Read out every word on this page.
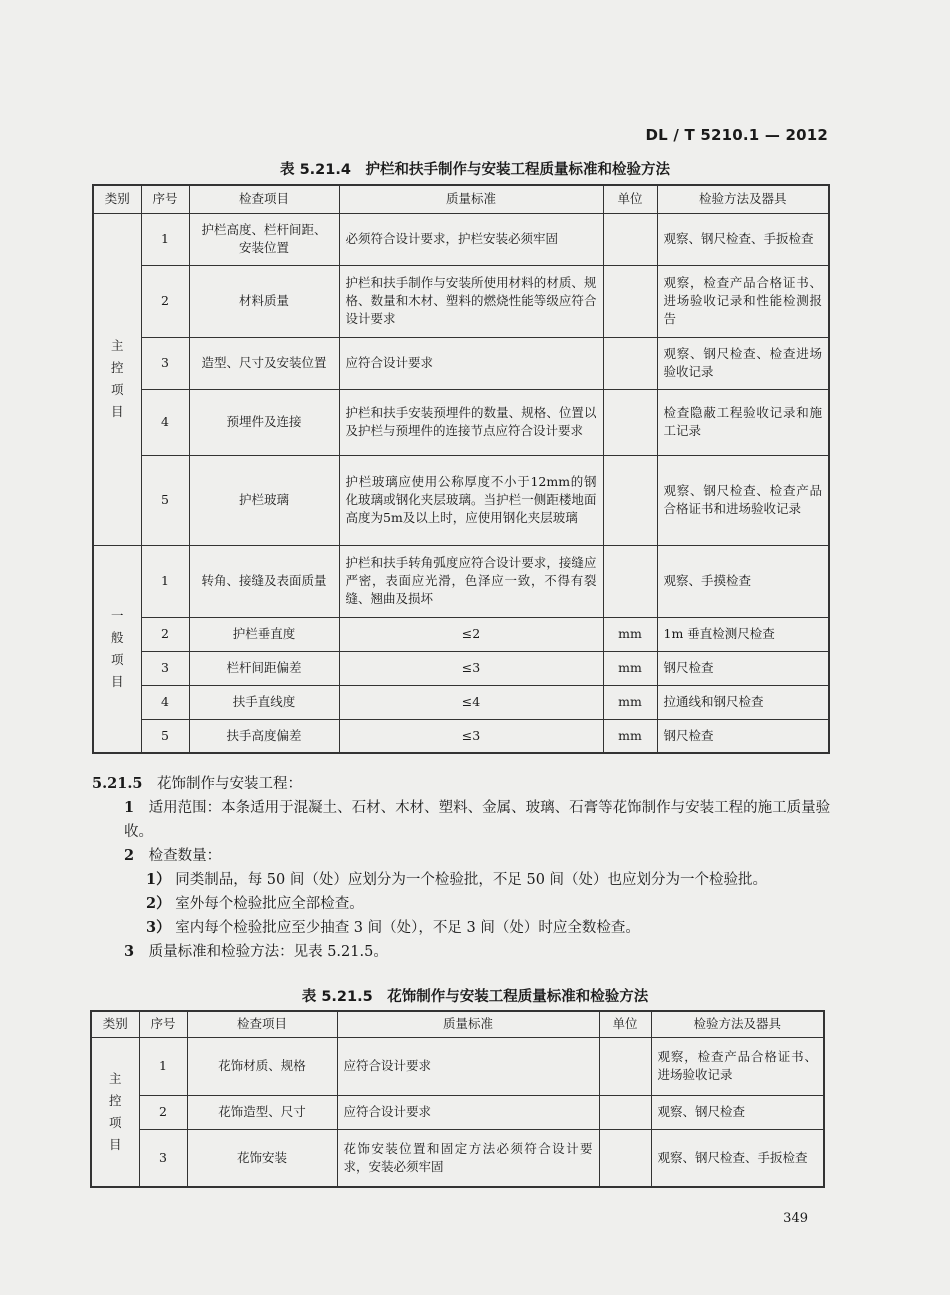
DL / T 5210.1 — 2012
表 5.21.4　护栏和扶手制作与安装工程质量标准和检验方法
类别	序号	检查项目	质量标准	单位	检验方法及器具
主控项目	1	护栏高度、栏杆间距、安装位置	必须符合设计要求，护栏安装必须牢固		观察、钢尺检查、手扳检查
	2	材料质量	护栏和扶手制作与安装所使用材料的材质、规格、数量和木材、塑料的燃烧性能等级应符合设计要求		观察，检查产品合格证书、进场验收记录和性能检测报告
	3	造型、尺寸及安装位置	应符合设计要求		观察、钢尺检查、检查进场验收记录
	4	预埋件及连接	护栏和扶手安装预埋件的数量、规格、位置以及护栏与预埋件的连接节点应符合设计要求		检查隐蔽工程验收记录和施工记录
	5	护栏玻璃	护栏玻璃应使用公称厚度不小于12mm的钢化玻璃或钢化夹层玻璃。当护栏一侧距楼地面高度为5m及以上时，应使用钢化夹层玻璃		观察、钢尺检查、检查产品合格证书和进场验收记录
一般项目	1	转角、接缝及表面质量	护栏和扶手转角弧度应符合设计要求，接缝应严密，表面应光滑，色泽应一致，不得有裂缝、翘曲及损坏		观察、手摸检查
	2	护栏垂直度	≤2	mm	1m 垂直检测尺检查
	3	栏杆间距偏差	≤3	mm	钢尺检查
	4	扶手直线度	≤4	mm	拉通线和钢尺检查
	5	扶手高度偏差	≤3	mm	钢尺检查

5.21.5　 花饰制作与安装工程：

1　 适用范围：本条适用于混凝土、石材、木材、塑料、金属、玻璃、石膏等花饰制作与安装工程的施工质量验收。

2　 检查数量：

1） 同类制品，每 50 间（处）应划分为一个检验批，不足 50 间（处）也应划分为一个检验批。

2） 室外每个检验批应全部检查。

3） 室内每个检验批应至少抽查 3 间（处），不足 3 间（处）时应全数检查。

3　 质量标准和检验方法：见表 5.21.5。

表 5.21.5　花饰制作与安装工程质量标准和检验方法
类别	序号	检查项目	质量标准	单位	检验方法及器具
主控项目	1	花饰材质、规格	应符合设计要求		观察，检查产品合格证书、进场验收记录
	2	花饰造型、尺寸	应符合设计要求		观察、钢尺检查
	3	花饰安装	花饰安装位置和固定方法必须符合设计要求，安装必须牢固		观察、钢尺检查、手扳检查
349
